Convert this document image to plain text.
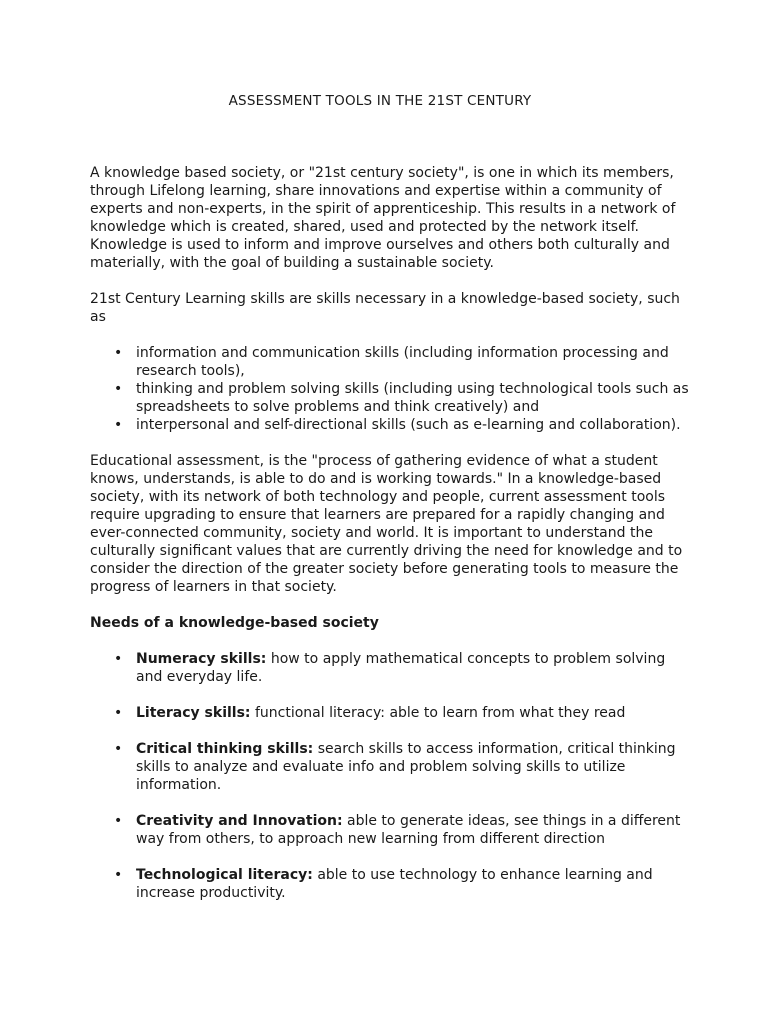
ASSESSMENT TOOLS IN THE 21ST CENTURY

A knowledge based society, or "21st century society", is one in which its members, through Lifelong learning, share innovations and expertise within a community of experts and non-experts, in the spirit of apprenticeship. This results in a network of knowledge which is created, shared, used and protected by the network itself. Knowledge is used to inform and improve ourselves and others both culturally and materially, with the goal of building a sustainable society.

21st Century Learning skills are skills necessary in a knowledge-based society, such as

• information and communication skills (including information processing and research tools),
• thinking and problem solving skills (including using technological tools such as spreadsheets to solve problems and think creatively) and
• interpersonal and self-directional skills (such as e-learning and collaboration).

Educational assessment, is the "process of gathering evidence of what a student knows, understands, is able to do and is working towards." In a knowledge-based society, with its network of both technology and people, current assessment tools require upgrading to ensure that learners are prepared for a rapidly changing and ever-connected community, society and world. It is important to understand the culturally significant values that are currently driving the need for knowledge and to consider the direction of the greater society before generating tools to measure the progress of learners in that society.

Needs of a knowledge-based society
• Numeracy skills: how to apply mathematical concepts to problem solving and everyday life.
• Literacy skills: functional literacy: able to learn from what they read
• Critical thinking skills: search skills to access information, critical thinking skills to analyze and evaluate info and problem solving skills to utilize information.
• Creativity and Innovation: able to generate ideas, see things in a different way from others, to approach new learning from different direction
• Technological literacy: able to use technology to enhance learning and increase productivity.
